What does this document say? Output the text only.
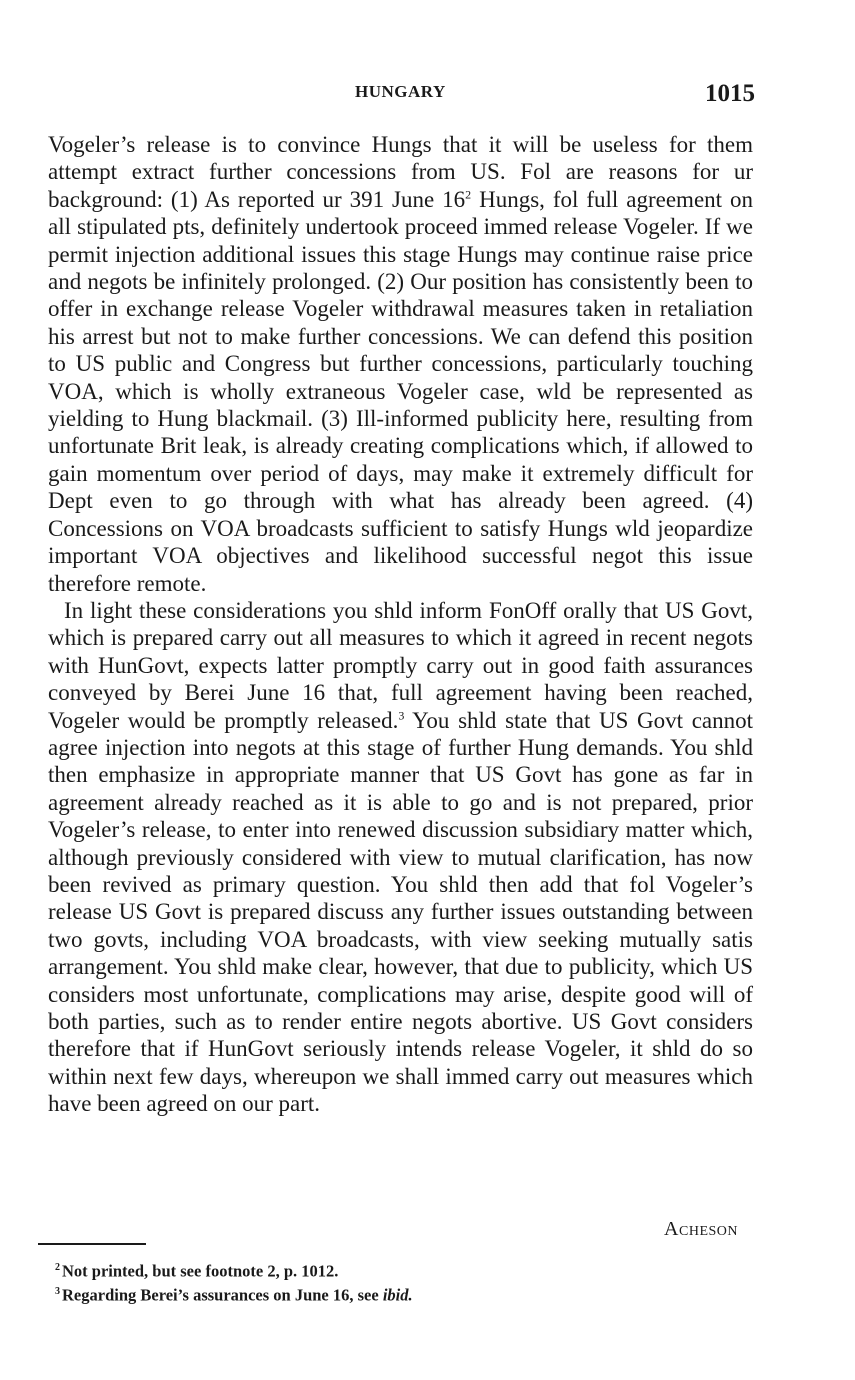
HUNGARY	1015

Vogeler’s release is to convince Hungs that it will be useless for them attempt extract further concessions from US. Fol are reasons for ur background: (1) As reported ur 391 June 16$^2$ Hungs, fol full agreement on all stipulated pts, definitely undertook proceed immed release Vogeler. If we permit injection additional issues this stage Hungs may continue raise price and negots be infinitely prolonged. (2) Our position has consistently been to offer in exchange release Vogeler withdrawal measures taken in retaliation his arrest but not to make further concessions. We can defend this position to US public and Congress but further concessions, particularly touching VOA, which is wholly extraneous Vogeler case, wld be represented as yielding to Hung blackmail. (3) Ill-informed publicity here, resulting from unfortunate Brit leak, is already creating complications which, if allowed to gain momentum over period of days, may make it extremely difficult for Dept even to go through with what has already been agreed. (4) Concessions on VOA broadcasts sufficient to satisfy Hungs wld jeopardize important VOA objectives and likelihood successful negot this issue therefore remote.

In light these considerations you shld inform FonOff orally that US Govt, which is prepared carry out all measures to which it agreed in recent negots with HunGovt, expects latter promptly carry out in good faith assurances conveyed by Berei June 16 that, full agreement having been reached, Vogeler would be promptly released.$^3$ You shld state that US Govt cannot agree injection into negots at this stage of further Hung demands. You shld then emphasize in appropriate manner that US Govt has gone as far in agreement already reached as it is able to go and is not prepared, prior Vogeler’s release, to enter into renewed discussion subsidiary matter which, although previously considered with view to mutual clarification, has now been revived as primary question. You shld then add that fol Vogeler’s release US Govt is prepared discuss any further issues outstanding between two govts, including VOA broadcasts, with view seeking mutually satis arrangement. You shld make clear, however, that due to publicity, which US considers most unfortunate, complications may arise, despite good will of both parties, such as to render entire negots abortive. US Govt considers therefore that if HunGovt seriously intends release Vogeler, it shld do so within next few days, whereupon we shall immed carry out measures which have been agreed on our part.

Acheson
$^2$ Not printed, but see footnote 2, p. 1012.
$^3$ Regarding Berei’s assurances on June 16, see ibid.
